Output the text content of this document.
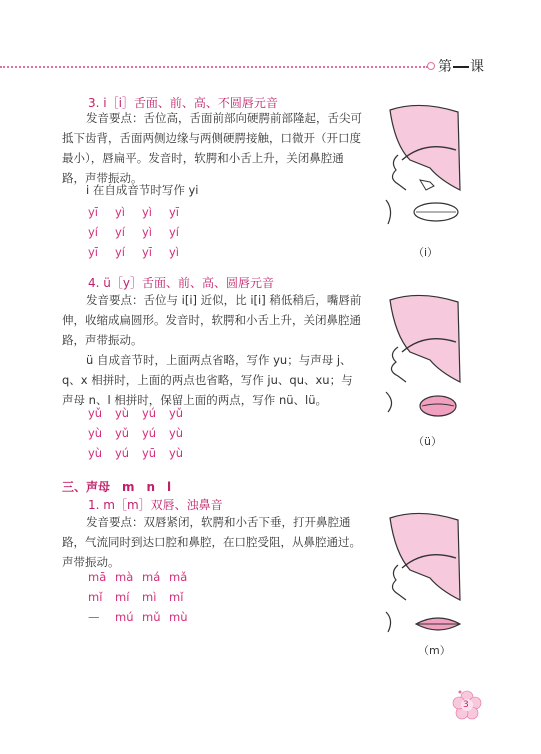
第 课
3. i［i］舌面、前、高、不圆唇元音
发音要点：舌位高，舌面前部向硬腭前部隆起，舌尖可抵下齿背，舌面两侧边缘与两侧硬腭接触，口微开（开口度最小），唇扁平。发音时，软腭和小舌上升，关闭鼻腔通路，声带振动。
i 在自成音节时写作 yi
yī yì yì yī
yí yí yì yí
yī yí yī yì	（i）
4. ü［y］舌面、前、高、圆唇元音
发音要点：舌位与 i[i] 近似，比 i[i] 稍低稍后，嘴唇前伸，收缩成扁圆形。发音时，软腭和小舌上升，关闭鼻腔通路，声带振动。
ü 自成音节时，上面两点省略，写作 yu；与声母 j、q、x 相拼时，上面的两点也省略，写作 ju、qu、xu；与声母 n、l 相拼时，保留上面的两点，写作 nü、lü。
yǔ yù yú yǔ
yù yǔ yú yù
yù yú yū yù
（ü）
三、声母　m　n　l
1. m［m］双唇、浊鼻音
发音要点：双唇紧闭，软腭和小舌下垂，打开鼻腔通路，气流同时到达口腔和鼻腔，在口腔受阻，从鼻腔通过。声带振动。
mā mà má mǎ
mǐ mí mì mǐ
— mú mǔ mù
（m）
3
